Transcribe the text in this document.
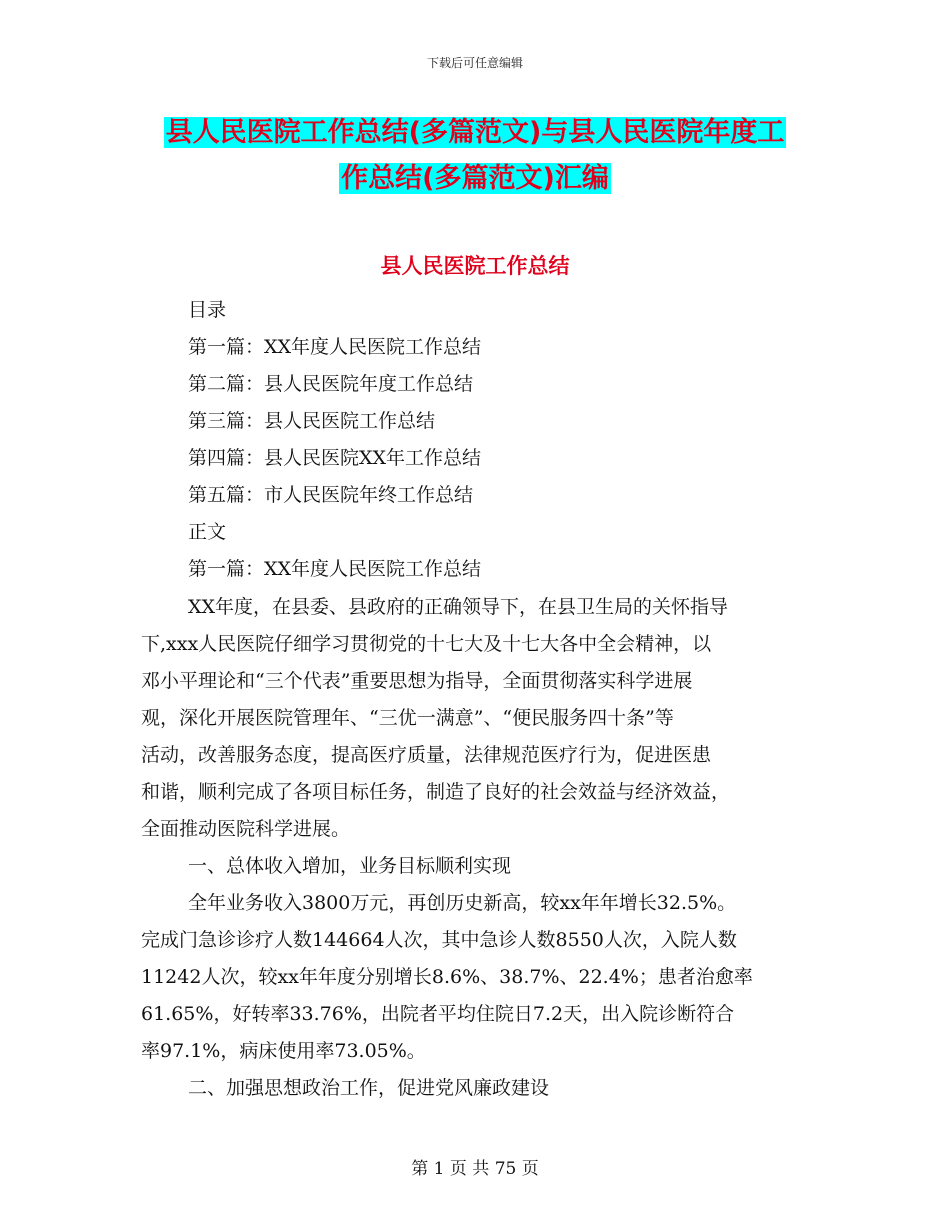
下载后可任意编辑
县人民医院工作总结(多篇范文)与县人民医院年度工
作总结(多篇范文)汇编
县人民医院工作总结
目录
第一篇：XX年度人民医院工作总结
第二篇：县人民医院年度工作总结
第三篇：县人民医院工作总结
第四篇：县人民医院XX年工作总结
第五篇：市人民医院年终工作总结
正文
第一篇：XX年度人民医院工作总结
XX年度，在县委、县政府的正确领导下，在县卫生局的关怀指导
下,xxx人民医院仔细学习贯彻党的十七大及十七大各中全会精神，以
邓小平理论和“三个代表”重要思想为指导，全面贯彻落实科学进展
观，深化开展医院管理年、“三优一满意”、“便民服务四十条”等
活动，改善服务态度，提高医疗质量，法律规范医疗行为，促进医患
和谐，顺利完成了各项目标任务，制造了良好的社会效益与经济效益，
全面推动医院科学进展。
一、总体收入增加，业务目标顺利实现
全年业务收入3800万元，再创历史新高，较xx年年增长32.5%。
完成门急诊诊疗人数144664人次，其中急诊人数8550人次，入院人数
11242人次，较xx年年度分别增长8.6%、38.7%、22.4%；患者治愈率
61.65%，好转率33.76%，出院者平均住院日7.2天，出入院诊断符合
率97.1%，病床使用率73.05%。
二、加强思想政治工作，促进党风廉政建设
第 1 页 共 75 页
